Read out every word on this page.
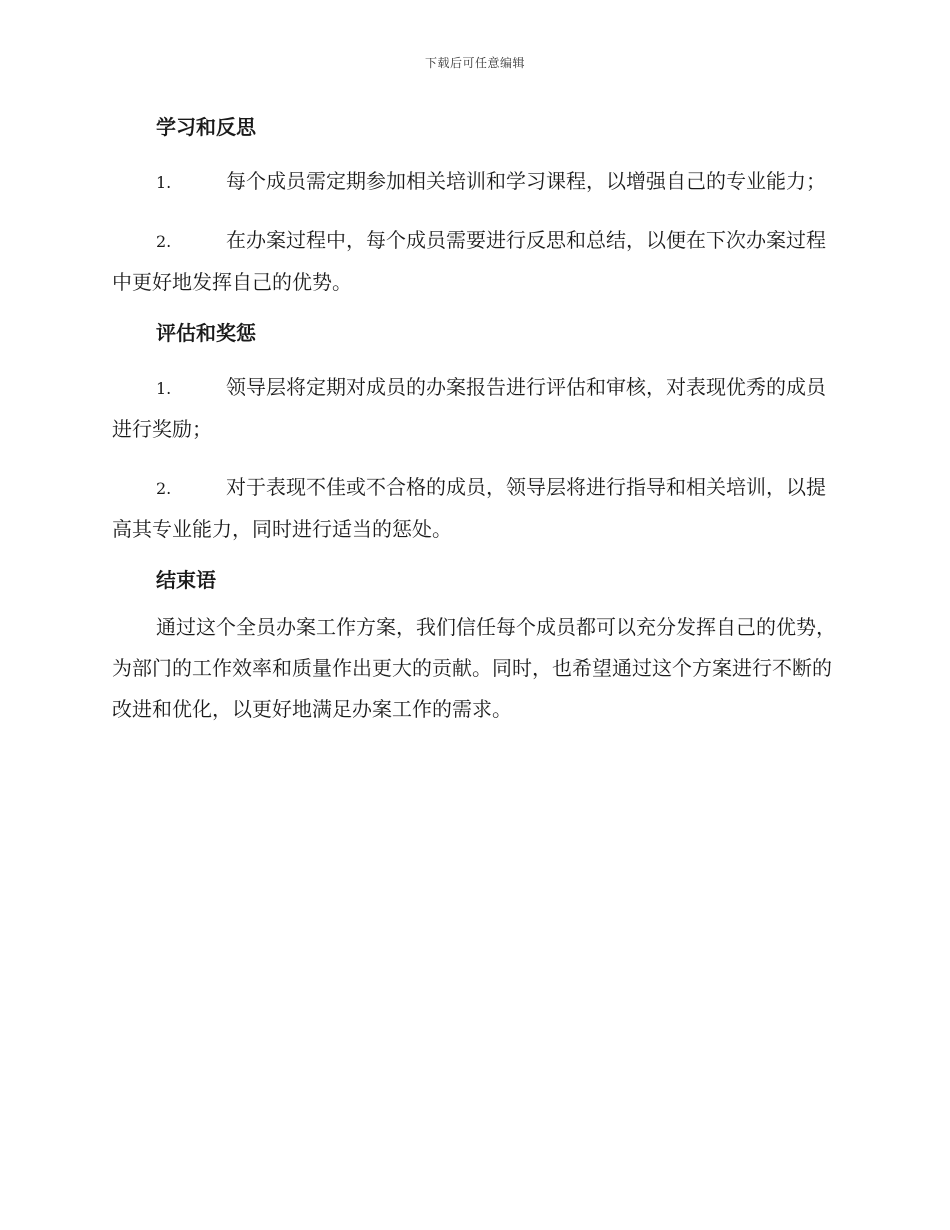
下载后可任意编辑
学习和反思

1.	每个成员需定期参加相关培训和学习课程，以增强自己的专业能力；

2.	在办案过程中，每个成员需要进行反思和总结，以便在下次办案过程中更好地发挥自己的优势。

评估和奖惩

1.	领导层将定期对成员的办案报告进行评估和审核，对表现优秀的成员进行奖励；

2.	对于表现不佳或不合格的成员，领导层将进行指导和相关培训，以提高其专业能力，同时进行适当的惩处。

结束语

通过这个全员办案工作方案，我们信任每个成员都可以充分发挥自己的优势，为部门的工作效率和质量作出更大的贡献。同时，也希望通过这个方案进行不断的改进和优化，以更好地满足办案工作的需求。
